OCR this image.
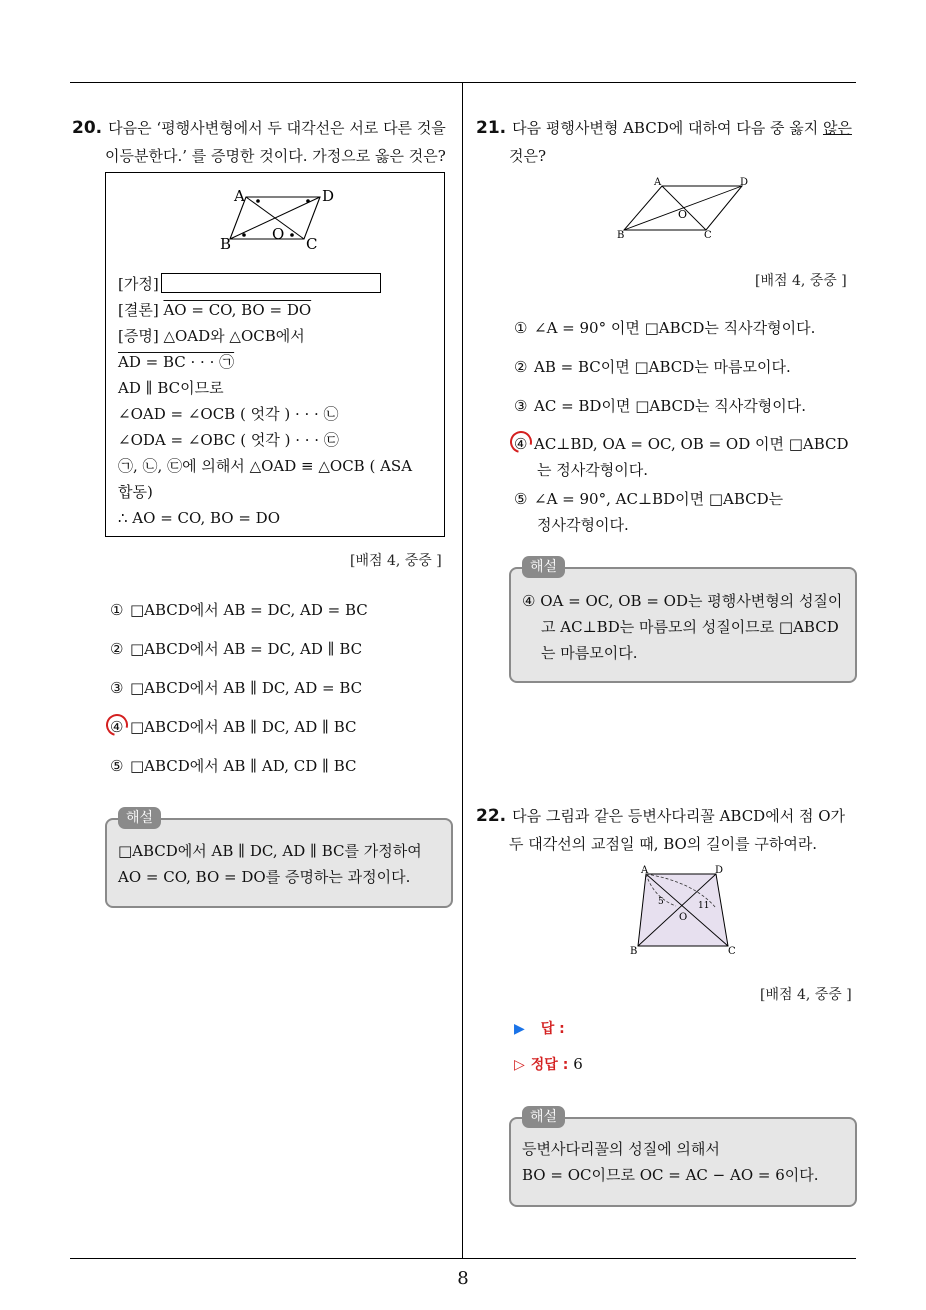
8
20. 다음은 ‘평행사변형에서 두 대각선은 서로 다른 것을
이등분한다.’ 를 증명한 것이다. 가정으로 옳은 것은?
A	D
B	C
O
[가정]
[결론] AO = CO, BO = DO
[증명] △OAD와 △OCB에서
AD = BC · · · ㉠
AD ∥ BC이므로
∠OAD = ∠OCB ( 엇각 ) · · · ㉡
∠ODA = ∠OBC ( 엇각 ) · · · ㉢
㉠, ㉡, ㉢에 의해서 △OAD ≡ △OCB ( ASA
합동)
∴ AO = CO, BO = DO
[배점 4, 중중 ]
① □ABCD에서 AB = DC, AD = BC
② □ABCD에서 AB = DC, AD ∥ BC
③ □ABCD에서 AB ∥ DC, AD = BC
④ □ABCD에서 AB ∥ DC, AD ∥ BC
⑤ □ABCD에서 AB ∥ AD, CD ∥ BC
해설
□ABCD에서 AB ∥ DC, AD ∥ BC를 가정하여
AO = CO, BO = DO를 증명하는 과정이다.
21. 다음 평행사변형 ABCD에 대하여 다음 중 옳지 않은
것은?
A	D
B	C
O
[배점 4, 중중 ]
① ∠A = 90° 이면 □ABCD는 직사각형이다.
② AB = BC이면 □ABCD는 마름모이다.
③ AC = BD이면 □ABCD는 직사각형이다.
④ AC⊥BD, OA = OC, OB = OD 이면 □ABCD
는 정사각형이다.
⑤ ∠A = 90°, AC⊥BD이면 □ABCD는
정사각형이다.
해설
④ OA = OC, OB = OD는 평행사변형의 성질이
고 AC⊥BD는 마름모의 성질이므로 □ABCD
는 마름모이다.
22. 다음 그림과 같은 등변사다리꼴 ABCD에서 점 O가
두 대각선의 교점일 때, BO의 길이를 구하여라.
A	D
B	C
O
5	11
[배점 4, 중중 ]
▶ 답 :
▷ 정답 : 6
해설
등변사다리꼴의 성질에 의해서
BO = OC이므로 OC = AC − AO = 6이다.
